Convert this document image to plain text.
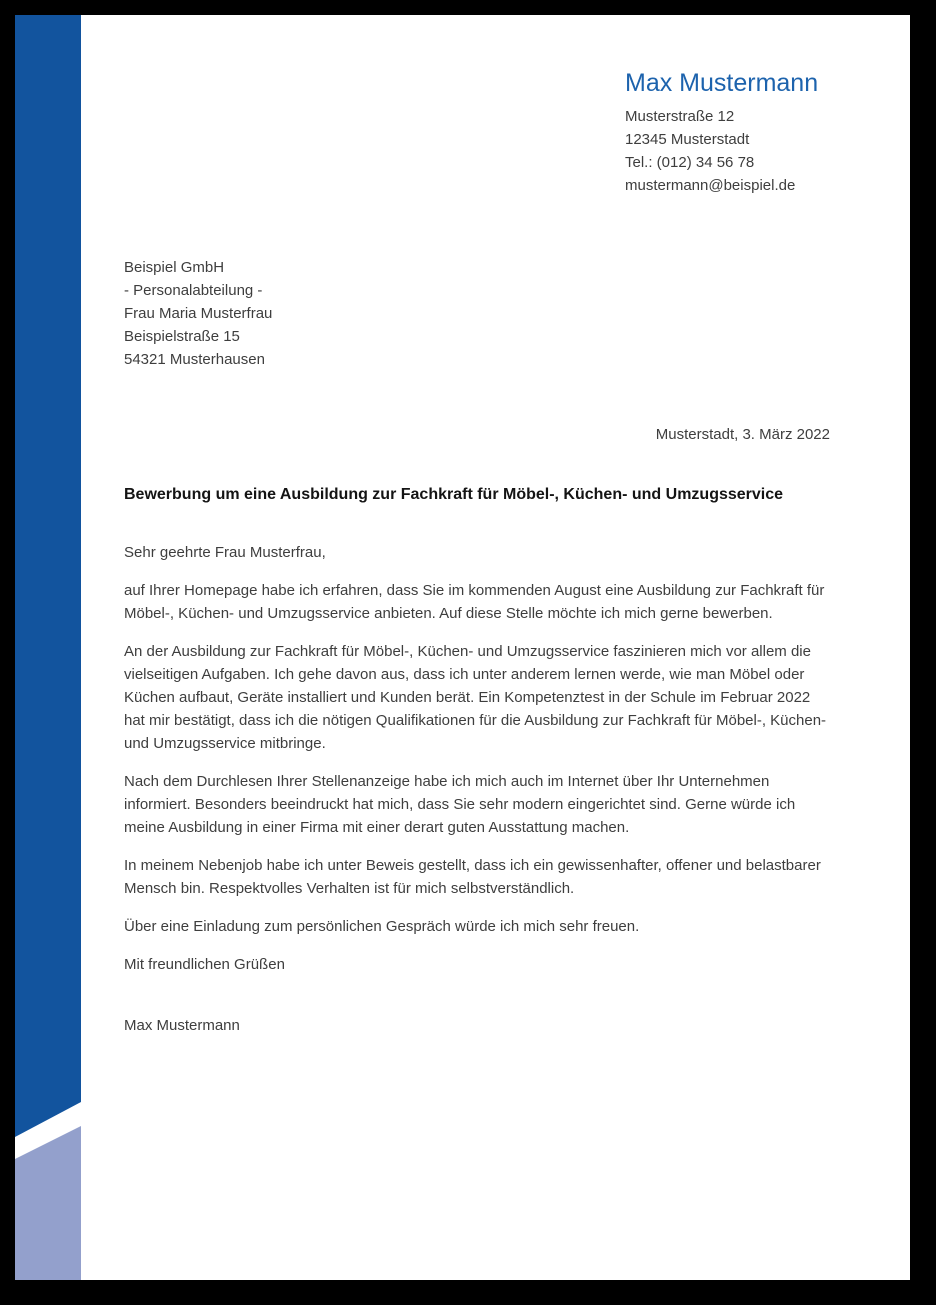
Max Mustermann
Musterstraße 12
12345 Musterstadt
Tel.: (012) 34 56 78
mustermann@beispiel.de
Beispiel GmbH
- Personalabteilung -
Frau Maria Musterfrau
Beispielstraße 15
54321 Musterhausen

Musterstadt, 3. März 2022

Bewerbung um eine Ausbildung zur Fachkraft für Möbel-, Küchen- und Umzugsservice

Sehr geehrte Frau Musterfrau,

auf Ihrer Homepage habe ich erfahren, dass Sie im kommenden August eine Ausbildung zur Fachkraft für Möbel-, Küchen- und Umzugsservice anbieten. Auf diese Stelle möchte ich mich gerne bewerben.

An der Ausbildung zur Fachkraft für Möbel-, Küchen- und Umzugsservice faszinieren mich vor allem die vielseitigen Aufgaben. Ich gehe davon aus, dass ich unter anderem lernen werde, wie man Möbel oder Küchen aufbaut, Geräte installiert und Kunden berät. Ein Kompetenztest in der Schule im Februar 2022 hat mir bestätigt, dass ich die nötigen Qualifikationen für die Ausbildung zur Fachkraft für Möbel-, Küchen- und Umzugsservice mitbringe.

Nach dem Durchlesen Ihrer Stellenanzeige habe ich mich auch im Internet über Ihr Unternehmen informiert. Besonders beeindruckt hat mich, dass Sie sehr modern eingerichtet sind. Gerne würde ich meine Ausbildung in einer Firma mit einer derart guten Ausstattung machen.

In meinem Nebenjob habe ich unter Beweis gestellt, dass ich ein gewissenhafter, offener und belastbarer Mensch bin. Respektvolles Verhalten ist für mich selbstverständlich.

Über eine Einladung zum persönlichen Gespräch würde ich mich sehr freuen.

Mit freundlichen Grüßen

Max Mustermann
